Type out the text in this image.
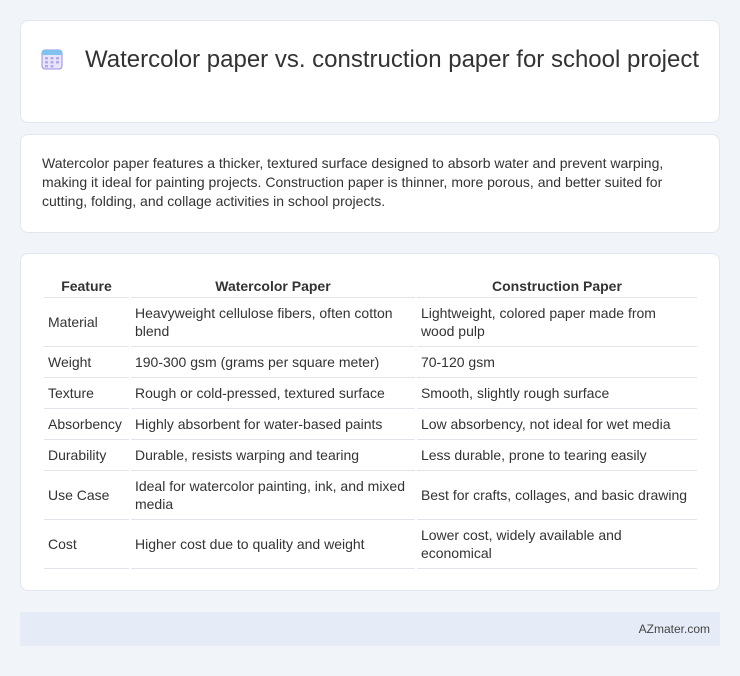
Watercolor paper vs. construction paper for school project

Watercolor paper features a thicker, textured surface designed to absorb water and prevent warping, making it ideal for painting projects. Construction paper is thinner, more porous, and better suited for cutting, folding, and collage activities in school projects.

Feature	Watercolor Paper	Construction Paper
Material	Heavyweight cellulose fibers, often cotton blend	Lightweight, colored paper made from wood pulp
Weight	190-300 gsm (grams per square meter)	70-120 gsm
Texture	Rough or cold-pressed, textured surface	Smooth, slightly rough surface
Absorbency	Highly absorbent for water-based paints	Low absorbency, not ideal for wet media
Durability	Durable, resists warping and tearing	Less durable, prone to tearing easily
Use Case	Ideal for watercolor painting, ink, and mixed media	Best for crafts, collages, and basic drawing
Cost	Higher cost due to quality and weight	Lower cost, widely available and economical
AZmater.com
